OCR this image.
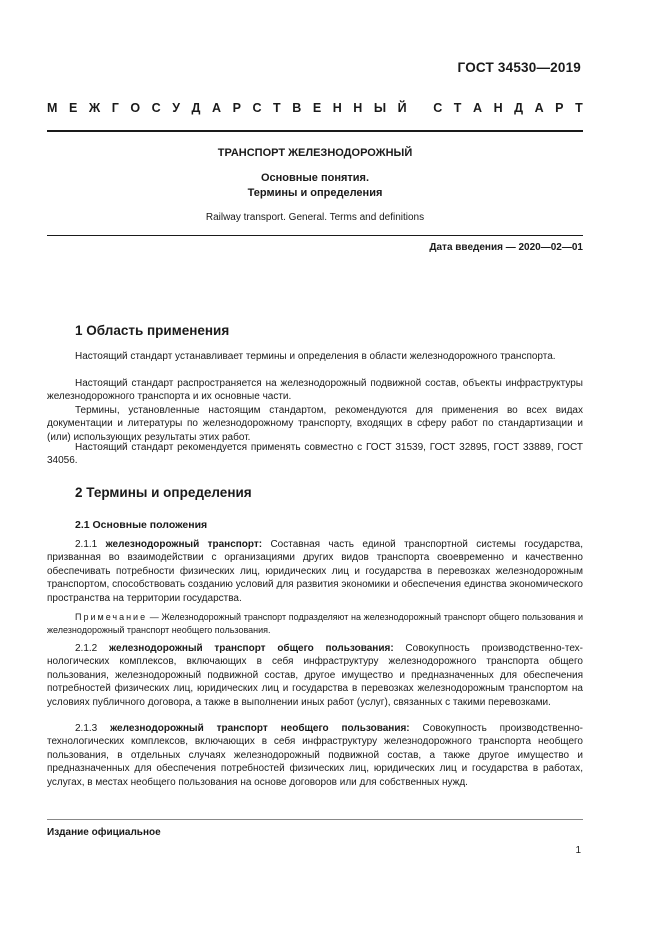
ГОСТ 34530—2019
М Е Ж Г О С У Д А Р С Т В Е Н Н Ы Й
С Т А Н Д А Р Т
ТРАНСПОРТ ЖЕЛЕЗНОДОРОЖНЫЙ
Основные понятия.
Термины и определения
Railway transport. General. Terms and definitions
Дата введения — 2020—02—01
1 Область применения

Настоящий стандарт устанавливает термины и определения в области железнодорожного транспорта.

Настоящий стандарт распространяется на железнодорожный подвижной состав, объекты инфраструктуры железнодорожного транспорта и их основные части.

Термины, установленные настоящим стандартом, рекомендуются для применения во всех видах документации и литературы по железнодорожному транспорту, входящих в сферу работ по стандартизации и (или) использующих результаты этих работ.

Настоящий стандарт рекомендуется применять совместно с ГОСТ 31539, ГОСТ 32895, ГОСТ 33889, ГОСТ 34056.

2 Термины и определения
2.1 Основные положения

2.1.1 железнодорожный транспорт: Составная часть единой транспортной системы государства, призванная во взаимодействии с организациями других видов транспорта своевременно и качественно обеспечивать потребности физических лиц, юридических лиц и государства в перевозках железнодорожным транспортом, способствовать созданию условий для развития экономики и обеспечения единства экономического пространства на территории государства.

Примечание — Железнодорожный транспорт подразделяют на железнодорожный транспорт общего пользования и железнодорожный транспорт необщего пользования.

2.1.2 железнодорожный транспорт общего пользования: Совокупность производственно-технологических комплексов, включающих в себя инфраструктуру железнодорожного транспорта общего пользования, железнодорожный подвижной состав, другое имущество и предназначенных для обеспечения потребностей физических лиц, юридических лиц и государства в перевозках железнодорожным транспортом на условиях публичного договора, а также в выполнении иных работ (услуг), связанных с такими перевозками.

2.1.3 железнодорожный транспорт необщего пользования: Совокупность производственно-технологических комплексов, включающих в себя инфраструктуру железнодорожного транспорта необщего пользования, в отдельных случаях железнодорожный подвижной состав, а также другое имущество и предназначенных для обеспечения потребностей физических лиц, юридических лиц и государства в работах, услугах, в местах необщего пользования на основе договоров или для собственных нужд.

Издание официальное
1
